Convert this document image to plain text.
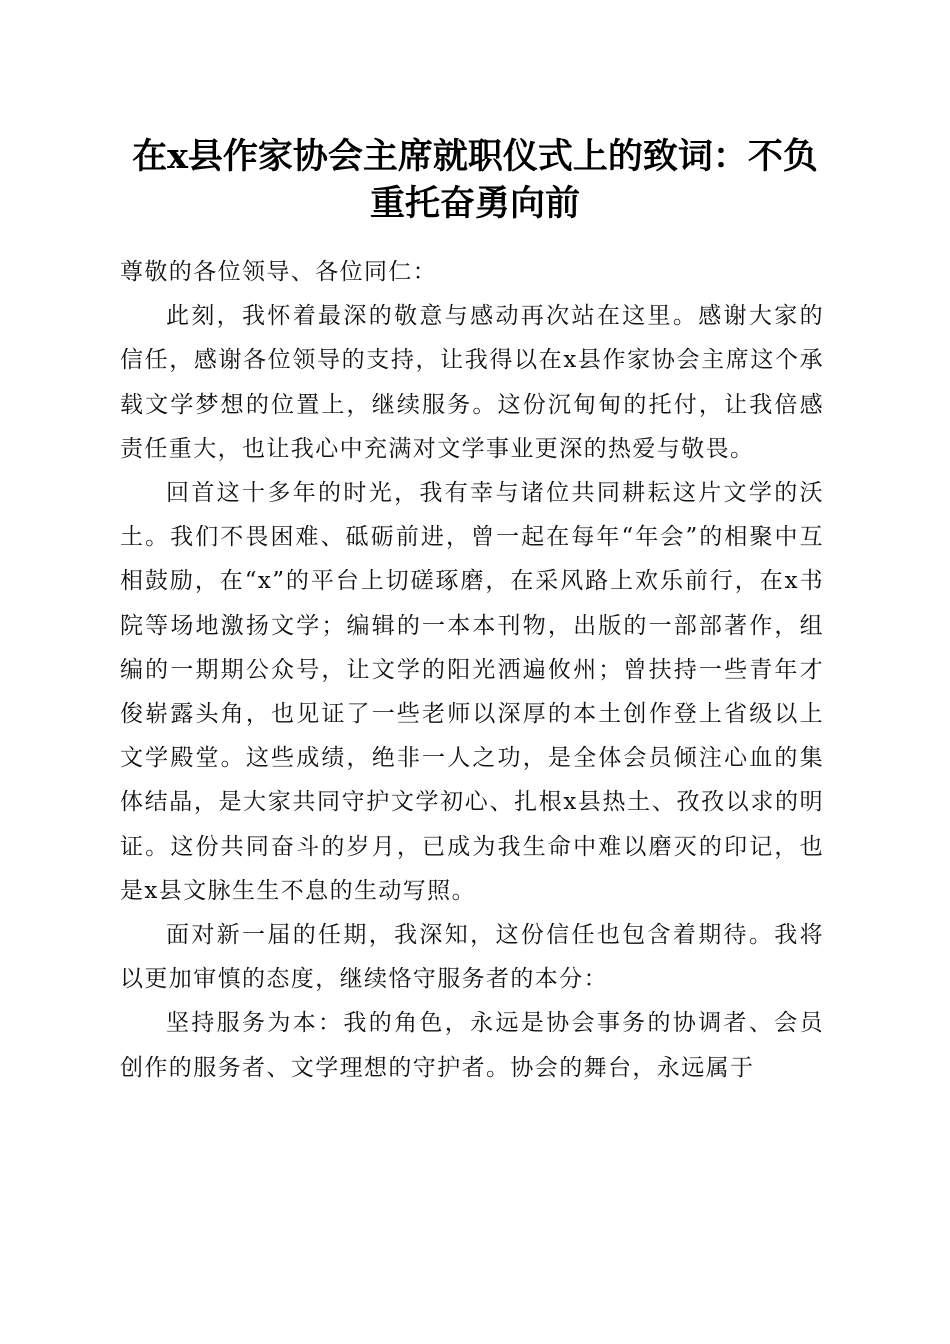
在x县作家协会主席就职仪式上的致词：不负
重托奋勇向前

尊敬的各位领导、各位同仁：

此刻，我怀着最深的敬意与感动再次站在这里。感谢大家的信任，感谢各位领导的支持，让我得以在x县作家协会主席这个承载文学梦想的位置上，继续服务。这份沉甸甸的托付，让我倍感责任重大，也让我心中充满对文学事业更深的热爱与敬畏。

回首这十多年的时光，我有幸与诸位共同耕耘这片文学的沃土。我们不畏困难、砥砺前进，曾一起在每年“年会”的相聚中互相鼓励，在“x”的平台上切磋琢磨，在采风路上欢乐前行，在x书院等场地激扬文学；编辑的一本本刊物，出版的一部部著作，组编的一期期公众号，让文学的阳光洒遍攸州；曾扶持一些青年才俊崭露头角，也见证了一些老师以深厚的本土创作登上省级以上文学殿堂。这些成绩，绝非一人之功，是全体会员倾注心血的集体结晶，是大家共同守护文学初心、扎根x县热土、孜孜以求的明证。这份共同奋斗的岁月，已成为我生命中难以磨灭的印记，也是x县文脉生生不息的生动写照。

面对新一届的任期，我深知，这份信任也包含着期待。我将以更加审慎的态度，继续恪守服务者的本分：

坚持服务为本：我的角色，永远是协会事务的协调者、会员创作的服务者、文学理想的守护者。协会的舞台，永远属于
